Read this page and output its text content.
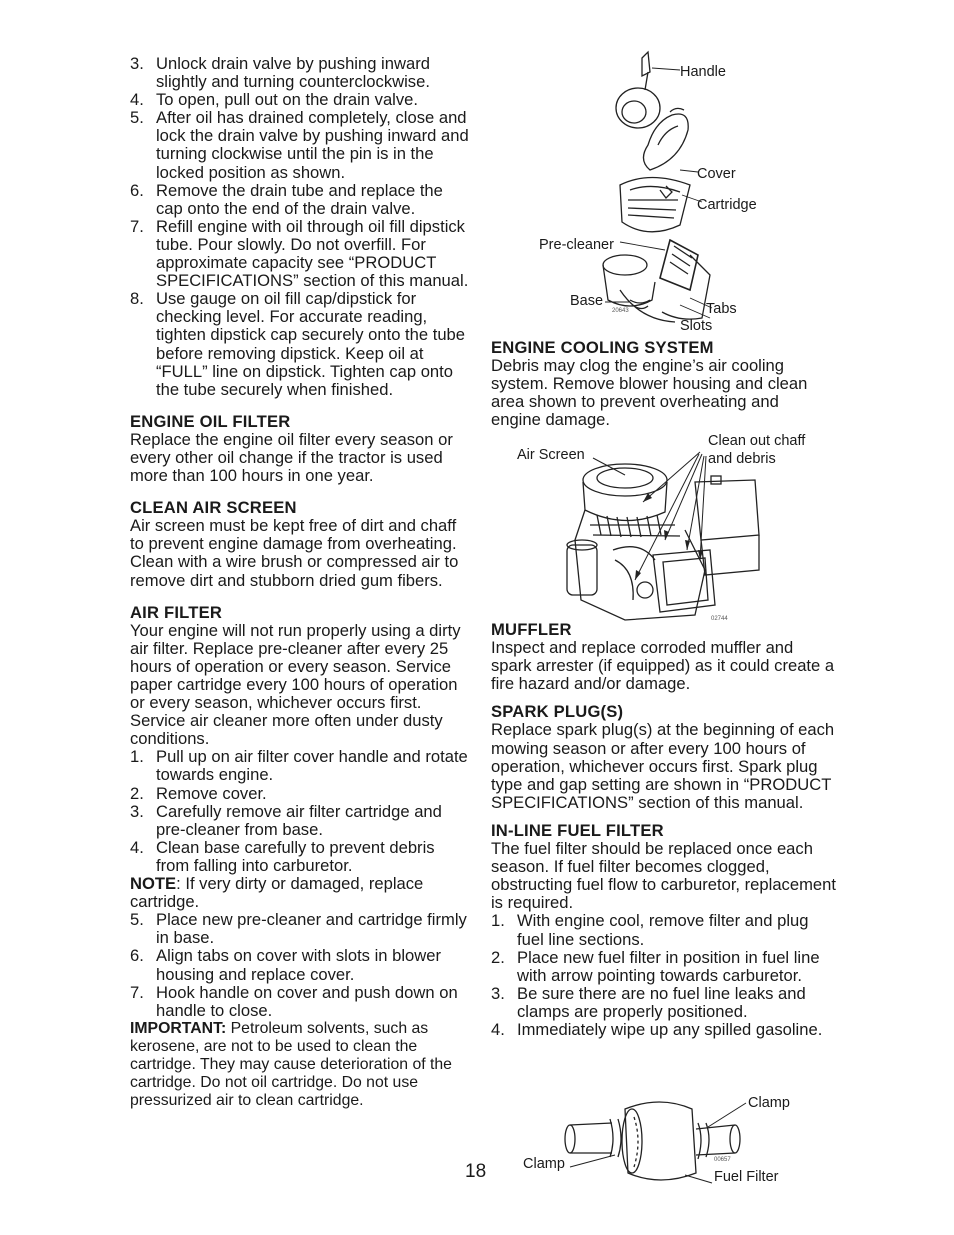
3. Unlock drain valve by pushing inward slightly and turning counterclockwise.
4. To open, pull out on the drain valve.
5. After oil has drained completely, close and lock the drain valve by pushing inward and turning clockwise until the pin is in the locked position as shown.
6. Remove the drain tube and replace the cap onto the end of the drain valve.
7. Refill engine with oil through oil fill dipstick tube. Pour slowly. Do not overfill. For approximate capacity see “PRODUCT SPECIFICATIONS” section of this manual.
8. Use gauge on oil fill cap/dipstick for checking level. For accurate reading, tighten dipstick cap securely onto the tube before removing dipstick. Keep oil at “FULL” line on dipstick. Tighten cap onto the tube securely when finished.
ENGINE OIL FILTER

Replace the engine oil filter every season or every other oil change if the tractor is used more than 100 hours in one year.

CLEAN AIR SCREEN

Air screen must be kept free of dirt and chaff to prevent engine damage from overheating. Clean with a wire brush or compressed air to remove dirt and stubborn dried gum fibers.

AIR FILTER

Your engine will not run properly using a dirty air filter. Replace pre-cleaner after every 25 hours of operation or every season. Service paper cartridge every 100 hours of operation or every season, whichever occurs first.

Service air cleaner more often under dusty conditions.

1. Pull up on air filter cover handle and rotate towards engine.
2. Remove cover.
3. Carefully remove air filter cartridge and pre-cleaner from base.
4. Clean base carefully to prevent debris from falling into carburetor.

NOTE: If very dirty or damaged, replace cartridge.

5. Place new pre-cleaner and cartridge firmly in base.
6. Align tabs on cover with slots in blower housing and replace cover.
7. Hook handle on cover and push down on handle to close.

IMPORTANT: Petroleum solvents, such as kerosene, are not to be used to clean the cartridge. They may cause deterioration of the cartridge. Do not oil cartridge. Do not use pressurized air to clean cartridge.

Handle
Cover
Cartridge
Pre-cleaner
Base	Tabs
Slots
20643
ENGINE COOLING SYSTEM

Debris may clog the engine’s air cooling system. Remove blower housing and clean area shown to prevent overheating and engine damage.

Air Screen
Clean out chaff
and debris
02744
MUFFLER

Inspect and replace corroded muffler and spark arrester (if equipped) as it could create a fire hazard and/or damage.

SPARK PLUG(S)

Replace spark plug(s) at the beginning of each mowing season or after every 100 hours of operation, whichever occurs first. Spark plug type and gap setting are shown in “PRODUCT SPECIFICATIONS” section of this manual.

IN-LINE FUEL FILTER

The fuel filter should be replaced once each season. If fuel filter becomes clogged, obstructing fuel flow to carburetor, replacement is required.

1. With engine cool, remove filter and plug fuel line sections.
2. Place new fuel filter in position in fuel line with arrow pointing towards carburetor.
3. Be sure there are no fuel line leaks and clamps are properly positioned.
4. Immediately wipe up any spilled gasoline.
Clamp
Clamp
Fuel Filter
00657
18
